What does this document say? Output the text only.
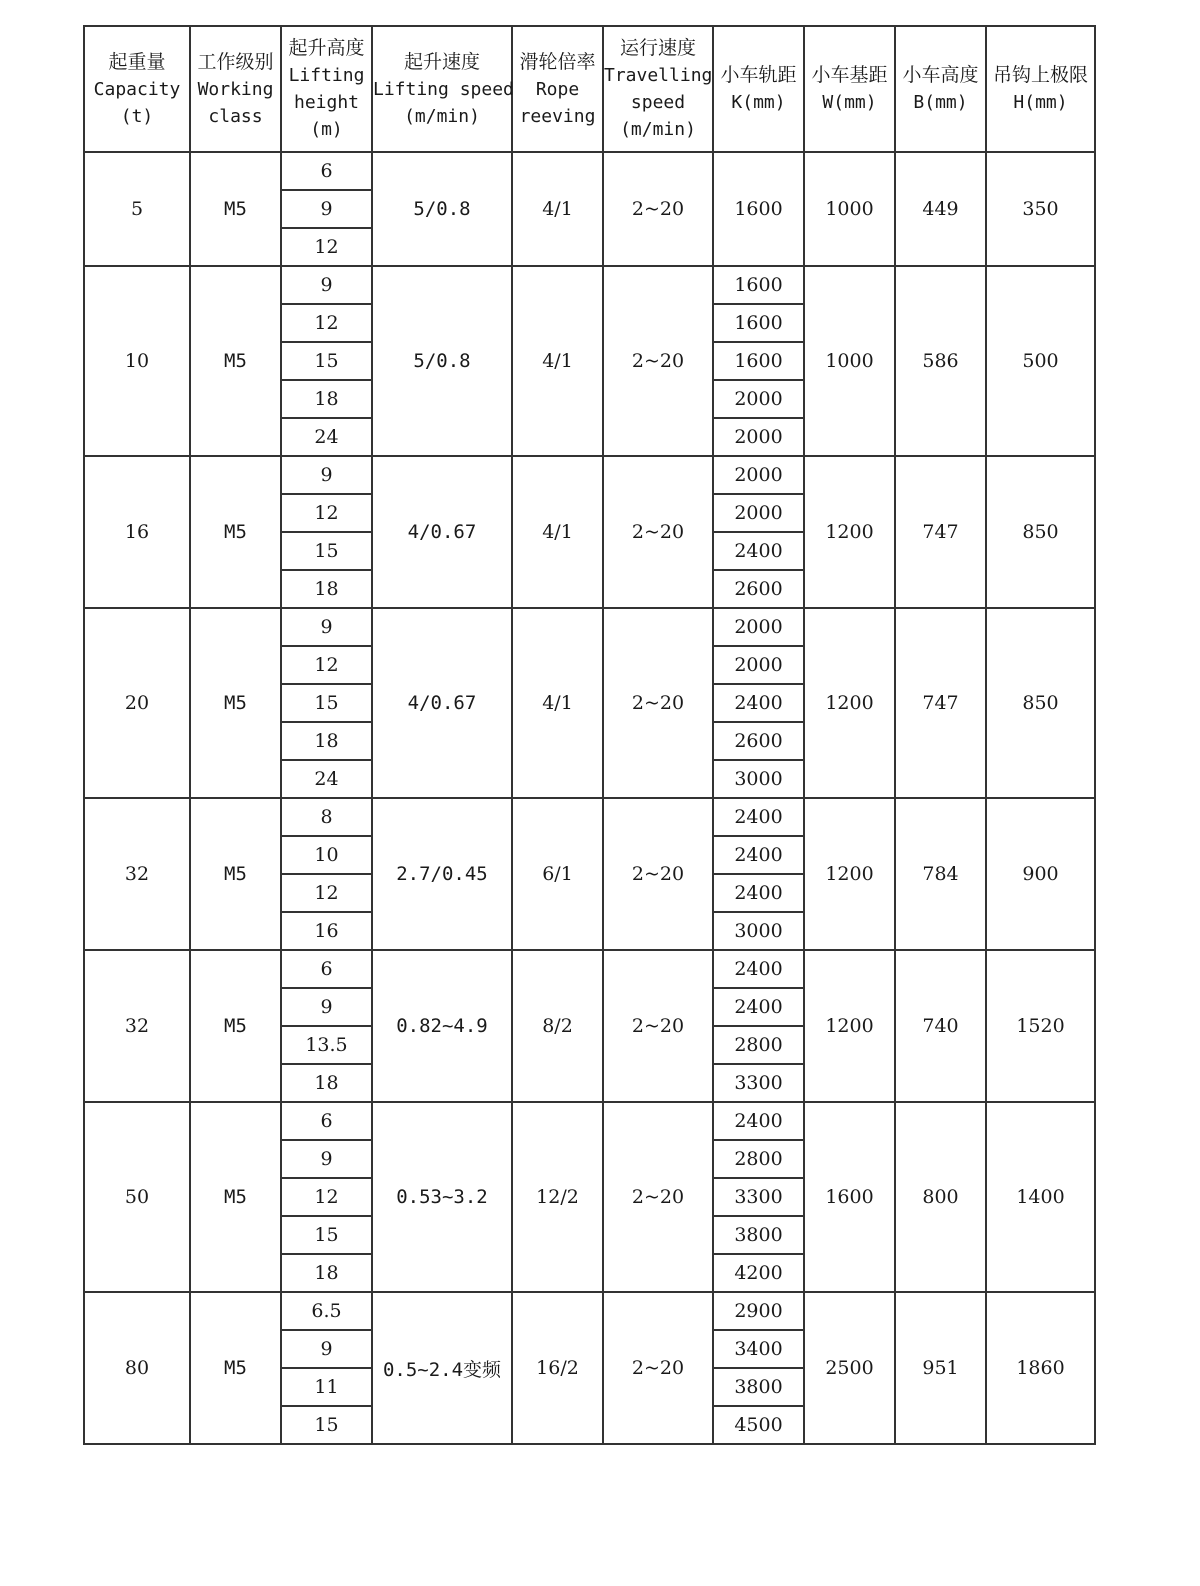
起重量
Capacity
(t)	工作级别
Working
class	起升高度
Lifting
height
(m)	起升速度
Lifting speed
(m/min)	滑轮倍率
Rope
reeving	运行速度
Travelling
speed
(m/min)	小车轨距
K(mm)	小车基距
W(mm)	小车高度
B(mm)	吊钩上极限
H(mm)

5	M5	6	5/0.8	4/1	2~20	1600	1000	449	350
		9							
		12							
10	M5	9	5/0.8	4/1	2~20	1600	1000	586	500
		12				1600			
		15				1600			
		18				2000			
		24				2000			
16	M5	9	4/0.67	4/1	2~20	2000	1200	747	850
		12				2000			
		15				2400			
		18				2600			
20	M5	9	4/0.67	4/1	2~20	2000	1200	747	850
		12				2000			
		15				2400			
		18				2600			
		24				3000			
32	M5	8	2.7/0.45	6/1	2~20	2400	1200	784	900
		10				2400			
		12				2400			
		16				3000			
32	M5	6	0.82~4.9	8/2	2~20	2400	1200	740	1520
		9				2400			
		13.5				2800			
		18				3300			
50	M5	6	0.53~3.2	12/2	2~20	2400	1600	800	1400
		9				2800			
		12				3300			
		15				3800			
		18				4200			
80	M5	6.5	0.5~2.4变频	16/2	2~20	2900	2500	951	1860
		9				3400			
		11				3800			
		15				4500			
